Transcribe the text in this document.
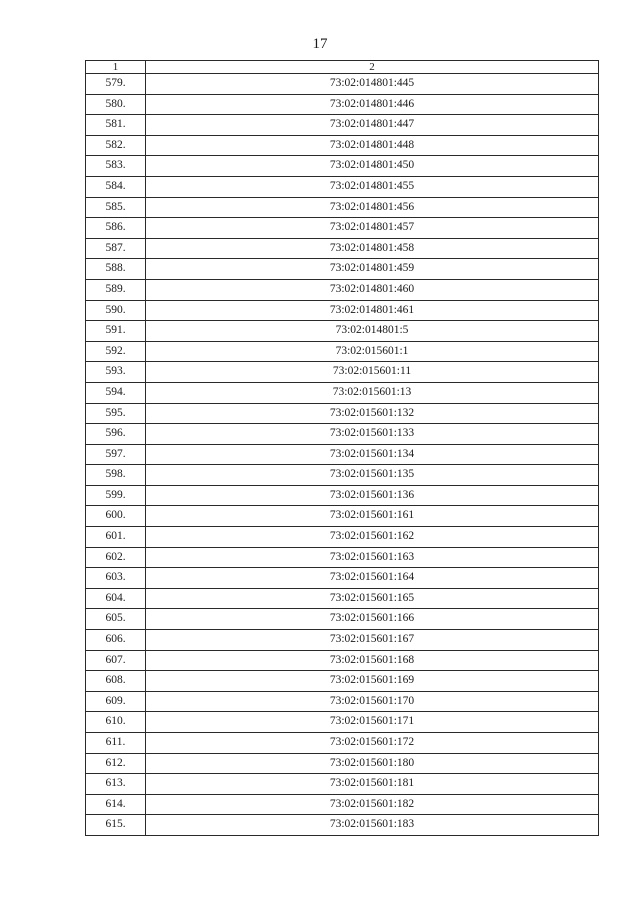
17
1	2
579.	73:02:014801:445
580.	73:02:014801:446
581.	73:02:014801:447
582.	73:02:014801:448
583.	73:02:014801:450
584.	73:02:014801:455
585.	73:02:014801:456
586.	73:02:014801:457
587.	73:02:014801:458
588.	73:02:014801:459
589.	73:02:014801:460
590.	73:02:014801:461
591.	73:02:014801:5
592.	73:02:015601:1
593.	73:02:015601:11
594.	73:02:015601:13
595.	73:02:015601:132
596.	73:02:015601:133
597.	73:02:015601:134
598.	73:02:015601:135
599.	73:02:015601:136
600.	73:02:015601:161
601.	73:02:015601:162
602.	73:02:015601:163
603.	73:02:015601:164
604.	73:02:015601:165
605.	73:02:015601:166
606.	73:02:015601:167
607.	73:02:015601:168
608.	73:02:015601:169
609.	73:02:015601:170
610.	73:02:015601:171
611.	73:02:015601:172
612.	73:02:015601:180
613.	73:02:015601:181
614.	73:02:015601:182
615.	73:02:015601:183
